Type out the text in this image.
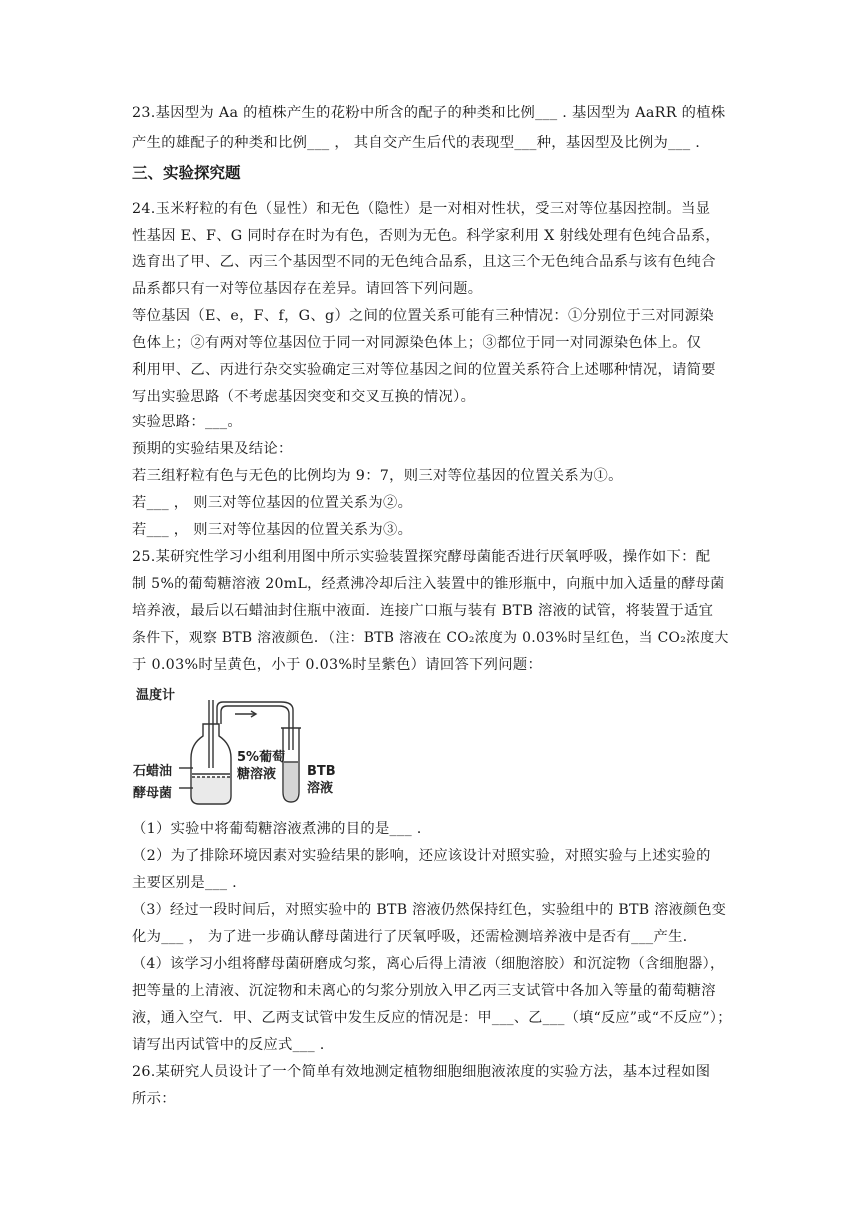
23.基因型为 Aa 的植株产生的花粉中所含的配子的种类和比例___ . 基因型为 AaRR 的植株
产生的雄配子的种类和比例___ ， 其自交产生后代的表现型___种，基因型及比例为___ .
三、实验探究题
24.玉米籽粒的有色（显性）和无色（隐性）是一对相对性状，受三对等位基因控制。当显
性基因 E、F、G 同时存在时为有色，否则为无色。科学家利用 X 射线处理有色纯合品系，
选育出了甲、乙、丙三个基因型不同的无色纯合品系，且这三个无色纯合品系与该有色纯合
品系都只有一对等位基因存在差异。请回答下列问题。
等位基因（E、e，F、f，G、g）之间的位置关系可能有三种情况：①分别位于三对同源染
色体上；②有两对等位基因位于同一对同源染色体上；③都位于同一对同源染色体上。仅
利用甲、乙、丙进行杂交实验确定三对等位基因之间的位置关系符合上述哪种情况，请简要
写出实验思路（不考虑基因突变和交叉互换的情况）。
实验思路：___。
预期的实验结果及结论：
若三组籽粒有色与无色的比例均为 9：7，则三对等位基因的位置关系为①。
若___ ， 则三对等位基因的位置关系为②。
若___ ， 则三对等位基因的位置关系为③。
25.某研究性学习小组利用图中所示实验装置探究酵母菌能否进行厌氧呼吸，操作如下：配
制 5%的葡萄糖溶液 20mL，经煮沸冷却后注入装置中的锥形瓶中，向瓶中加入适量的酵母菌
培养液，最后以石蜡油封住瓶中液面．连接广口瓶与装有 BTB 溶液的试管，将装置于适宜
条件下，观察 BTB 溶液颜色．（注：BTB 溶液在 CO₂浓度为 0.03%时呈红色，当 CO₂浓度大
于 0.03%时呈黄色，小于 0.03%时呈紫色）请回答下列问题：
温度计
石蜡油
酵母菌
5%葡萄
糖溶液 BTB
溶液
（1）实验中将葡萄糖溶液煮沸的目的是___ .
（2）为了排除环境因素对实验结果的影响，还应该设计对照实验，对照实验与上述实验的
主要区别是___ .
（3）经过一段时间后，对照实验中的 BTB 溶液仍然保持红色，实验组中的 BTB 溶液颜色变
化为___ ， 为了进一步确认酵母菌进行了厌氧呼吸，还需检测培养液中是否有___产生.
（4）该学习小组将酵母菌研磨成匀浆，离心后得上清液（细胞溶胶）和沉淀物（含细胞器），
把等量的上清液、沉淀物和未离心的匀浆分别放入甲乙丙三支试管中各加入等量的葡萄糖溶
液，通入空气．甲、乙两支试管中发生反应的情况是：甲___、乙___（填“反应”或“不反应”）；
请写出丙试管中的反应式___ .
26.某研究人员设计了一个简单有效地测定植物细胞细胞液浓度的实验方法，基本过程如图
所示：
